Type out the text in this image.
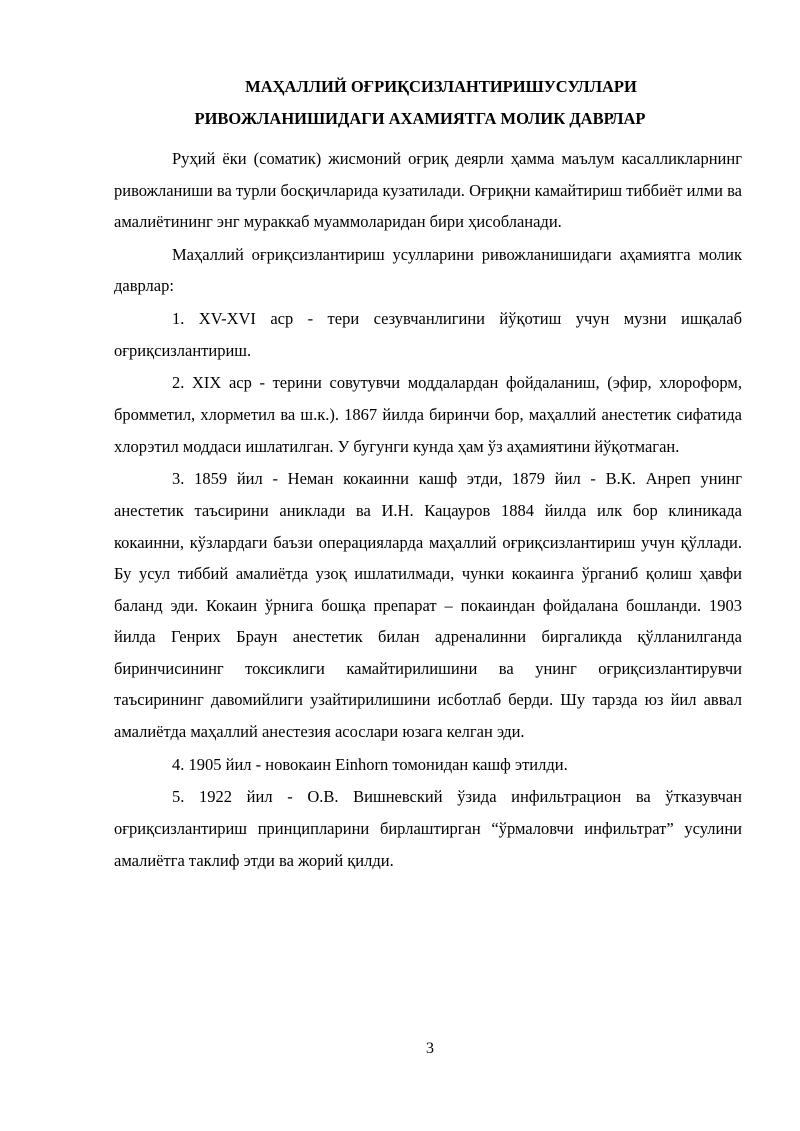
МАҲАЛЛИЙ ОҒРИҚСИЗЛАНТИРИШУСУЛЛАРИ
РИВОЖЛАНИШИДАГИ АХАМИЯТГА МОЛИК ДАВРЛАР

Руҳий ёки (соматик) жисмоний оғриқ деярли ҳамма маълум касалликларнинг ривожланиши ва турли босқичларида кузатилади. Оғриқни камайтириш тиббиёт илми ва амалиётининг энг мураккаб муаммоларидан бири ҳисобланади.

Маҳаллий оғриқсизлантириш усулларини ривожланишидаги аҳамиятга молик даврлар:

1. XV-XVI аср - тери сезувчанлигини йўқотиш учун музни ишқалаб оғриқсизлантириш.

2. XIX аср - терини совутувчи моддалардан фойдаланиш, (эфир, хлороформ, бромметил, хлорметил ва ш.к.). 1867 йилда биринчи бор, маҳаллий анестетик сифатида хлорэтил моддаси ишлатилган. У бугунги кунда ҳам ўз аҳамиятини йўқотмаган.

3. 1859 йил - Неман кокаинни кашф этди, 1879 йил - В.К. Анреп унинг анестетик таъсирини аниклади ва И.Н. Кацауров 1884 йилда илк бор клиникада кокаинни, кўзлардаги баъзи операцияларда маҳаллий оғриқсизлантириш учун қўллади. Бу усул тиббий амалиётда узоқ ишлатилмади, чунки кокаинга ўрганиб қолиш ҳавфи баланд эди. Кокаин ўрнига бошқа препарат – покаиндан фойдалана бошланди. 1903 йилда Генрих Браун анестетик билан адреналинни биргаликда қўлланилганда биринчисининг токсиклиги камайтирилишини ва унинг оғриқсизлантирувчи таъсирининг давомийлиги узайтирилишини исботлаб берди. Шу тарзда юз йил аввал амалиётда маҳаллий анестезия асослари юзага келган эди.

4. 1905 йил - новокаин Einhorn томонидан кашф этилди.

5. 1922 йил - О.В. Вишневский ўзида инфильтрацион ва ўтказувчан оғриқсизлантириш принципларини бирлаштирган “ўрмаловчи инфильтрат” усулини амалиётга таклиф этди ва жорий қилди.

3
